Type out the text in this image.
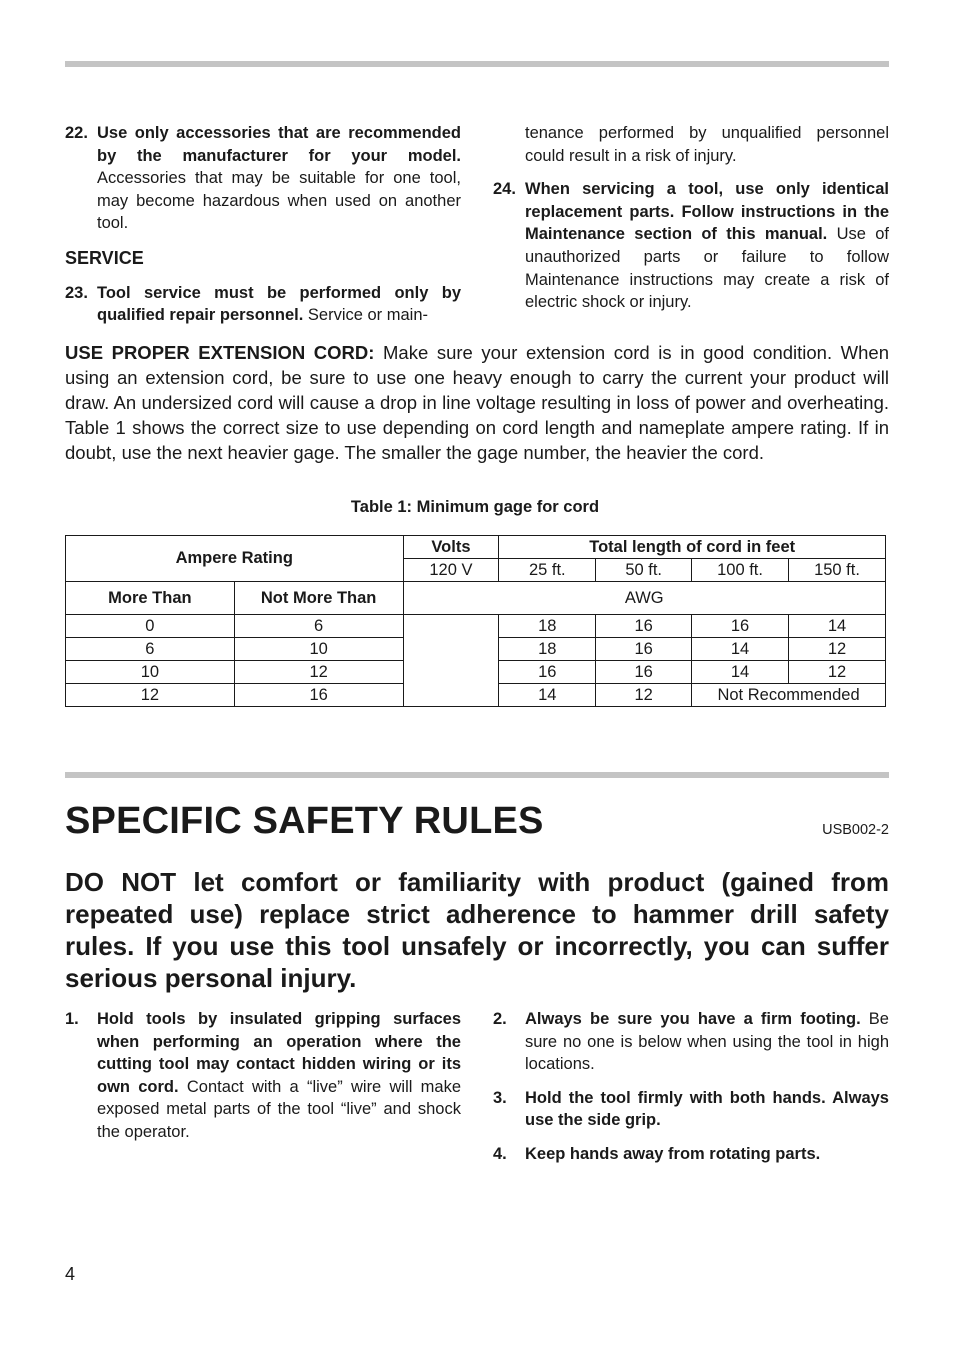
22. Use only accessories that are recommended by the manufacturer for your model. Accessories that may be suitable for one tool, may become hazardous when used on another tool.

SERVICE

23. Tool service must be performed only by qualified repair personnel. Service or main-

tenance performed by unqualified personnel could result in a risk of injury.

24. When servicing a tool, use only identical replacement parts. Follow instructions in the Maintenance section of this manual. Use of unauthorized parts or failure to follow Maintenance instructions may create a risk of electric shock or injury.

USE PROPER EXTENSION CORD: Make sure your extension cord is in good condition. When using an extension cord, be sure to use one heavy enough to carry the current your product will draw. An undersized cord will cause a drop in line voltage resulting in loss of power and overheating. Table 1 shows the correct size to use depending on cord length and nameplate ampere rating. If in doubt, use the next heavier gage. The smaller the gage number, the heavier the cord.

Table 1: Minimum gage for cord
Ampere Rating		Volts	Total length of cord in feet			
		120 V	25 ft.	50 ft.	100 ft.	150 ft.
More Than	Not More Than	AWG				
0	6		18	16	16	14
6	10		18	16	14	12
10	12		16	16	14	12
12	16		14	12	Not Recommended	
SPECIFIC SAFETY RULES	USB002-2

DO NOT let comfort or familiarity with product (gained from repeated use) replace strict adherence to hammer drill safety rules. If you use this tool unsafely or incorrectly, you can suffer serious personal injury.

1. Hold tools by insulated gripping surfaces when performing an operation where the cutting tool may contact hidden wiring or its own cord. Contact with a “live” wire will make exposed metal parts of the tool “live” and shock the operator.

2. Always be sure you have a firm footing. Be sure no one is below when using the tool in high locations.

3. Hold the tool firmly with both hands. Always use the side grip.

4. Keep hands away from rotating parts.

4
